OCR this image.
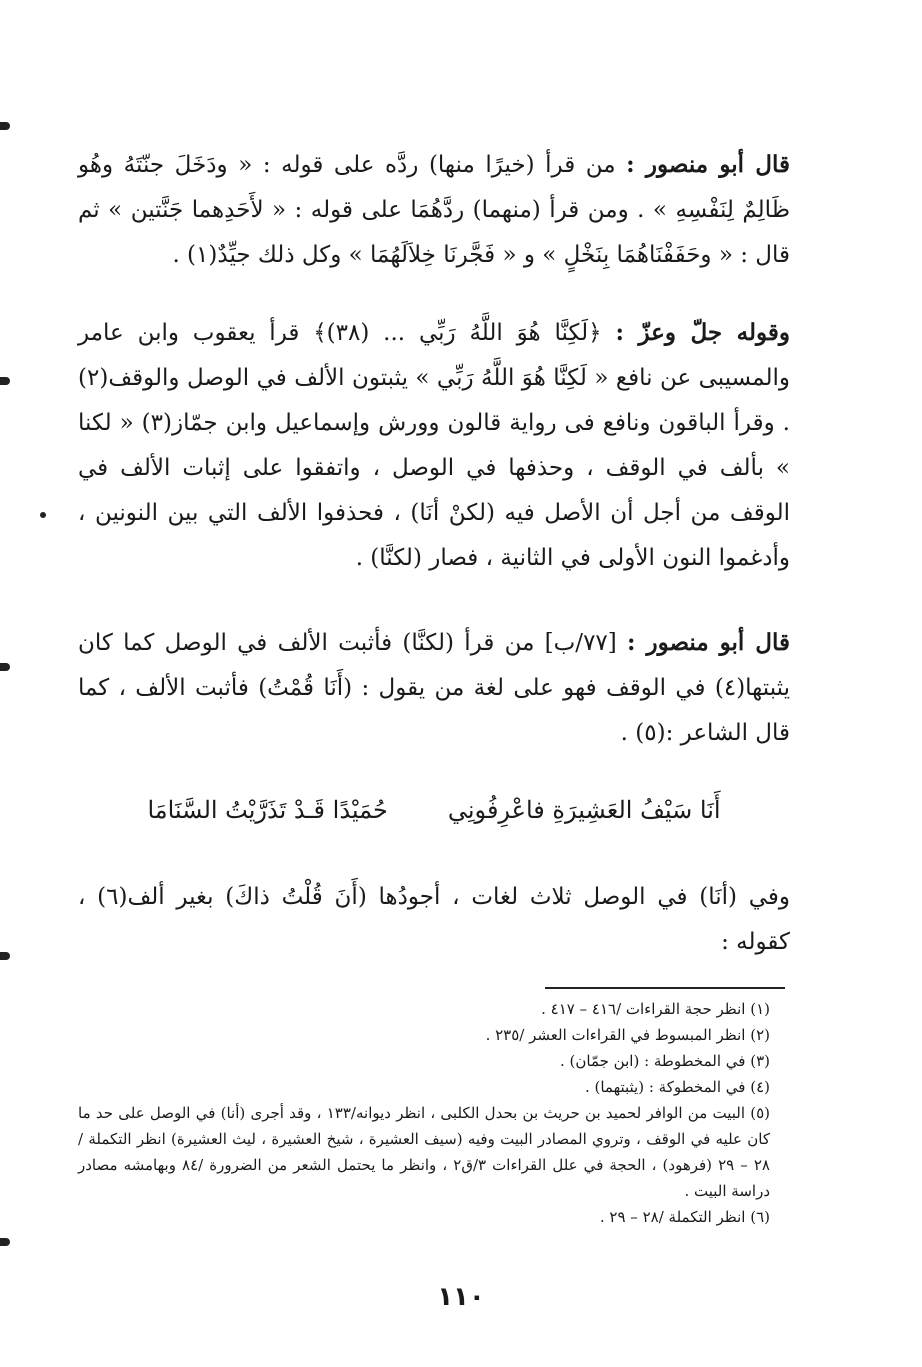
قال أبو منصور : من قرأ (خيرًا منها) ردَّه على قوله : « ودَخَلَ جنّتَهُ وهُو ظَالِمٌ لِنَفْسِهِ » . ومن قرأ (منهما) ردَّهُمَا على قوله : « لأَحَدِهما جَنَّتين » ثم قال : « وحَفَفْنَاهُمَا بِنَخْلٍ » و « فَجَّرنَا خِلاَلَهُمَا » وكل ذلك جيِّدٌ(١) .

وقوله جلّ وعزّ : ﴿لَكِنَّا هُوَ اللَّهُ رَبِّي ... (٣٨)﴾ قرأ يعقوب وابن عامر والمسيبى عن نافع « لَكِنَّا هُوَ اللَّهُ رَبِّي » يثبتون الألف في الوصل والوقف(٢) . وقرأ الباقون ونافع فى رواية قالون وورش وإسماعيل وابن جمّاز(٣) « لكنا » بألف في الوقف ، وحذفها في الوصل ، واتفقوا على إثبات الألف في الوقف من أجل أن الأصل فيه (لكنْ أنَا) ، فحذفوا الألف التي بين النونين ، وأدغموا النون الأولى في الثانية ، فصار (لكنَّا) .

قال أبو منصور : [٧٧/ب] من قرأ (لكنَّا) فأثبت الألف في الوصل كما كان يثبتها(٤) في الوقف فهو على لغة من يقول : (أَنَا قُمْتُ) فأثبت الألف ، كما قال الشاعر :(٥) .

أَنَا سَيْفُ العَشِيرَةِ فاعْرِفُونِيحُمَيْدًا قَـدْ تَذَرَّيْتُ السَّنَامَا

وفي (أنَا) في الوصل ثلاث لغات ، أجودُها (أَنَ قُلْتُ ذاكَ) بغير ألف(٦) ، كقوله :

(١) انظر حجة القراءات /٤١٦ – ٤١٧ .

(٢) انظر المبسوط في القراءات العشر /٢٣٥ .

(٣) في المخطوطة : (ابن جمّان) .

(٤) في المخطوكة : (يثبتهما) .

(٥) البيت من الوافر لحميد بن حريث بن بحدل الكلبى ، انظر ديوانه/١٣٣ ، وقد أجرى (أنا) في الوصل على حد ما كان عليه في الوقف ، وتروي المصادر البيت وفيه (سيف العشيرة ، شيخ العشيرة ، ليث العشيرة) انظر التكملة /٢٨ – ٢٩ (فرهود) ، الحجة في علل القراءات ٣/ق٢ ، وانظر ما يحتمل الشعر من الضرورة /٨٤ وبهامشه مصادر دراسة البيت .

(٦) انظر التكملة /٢٨ – ٢٩ .

١١٠
